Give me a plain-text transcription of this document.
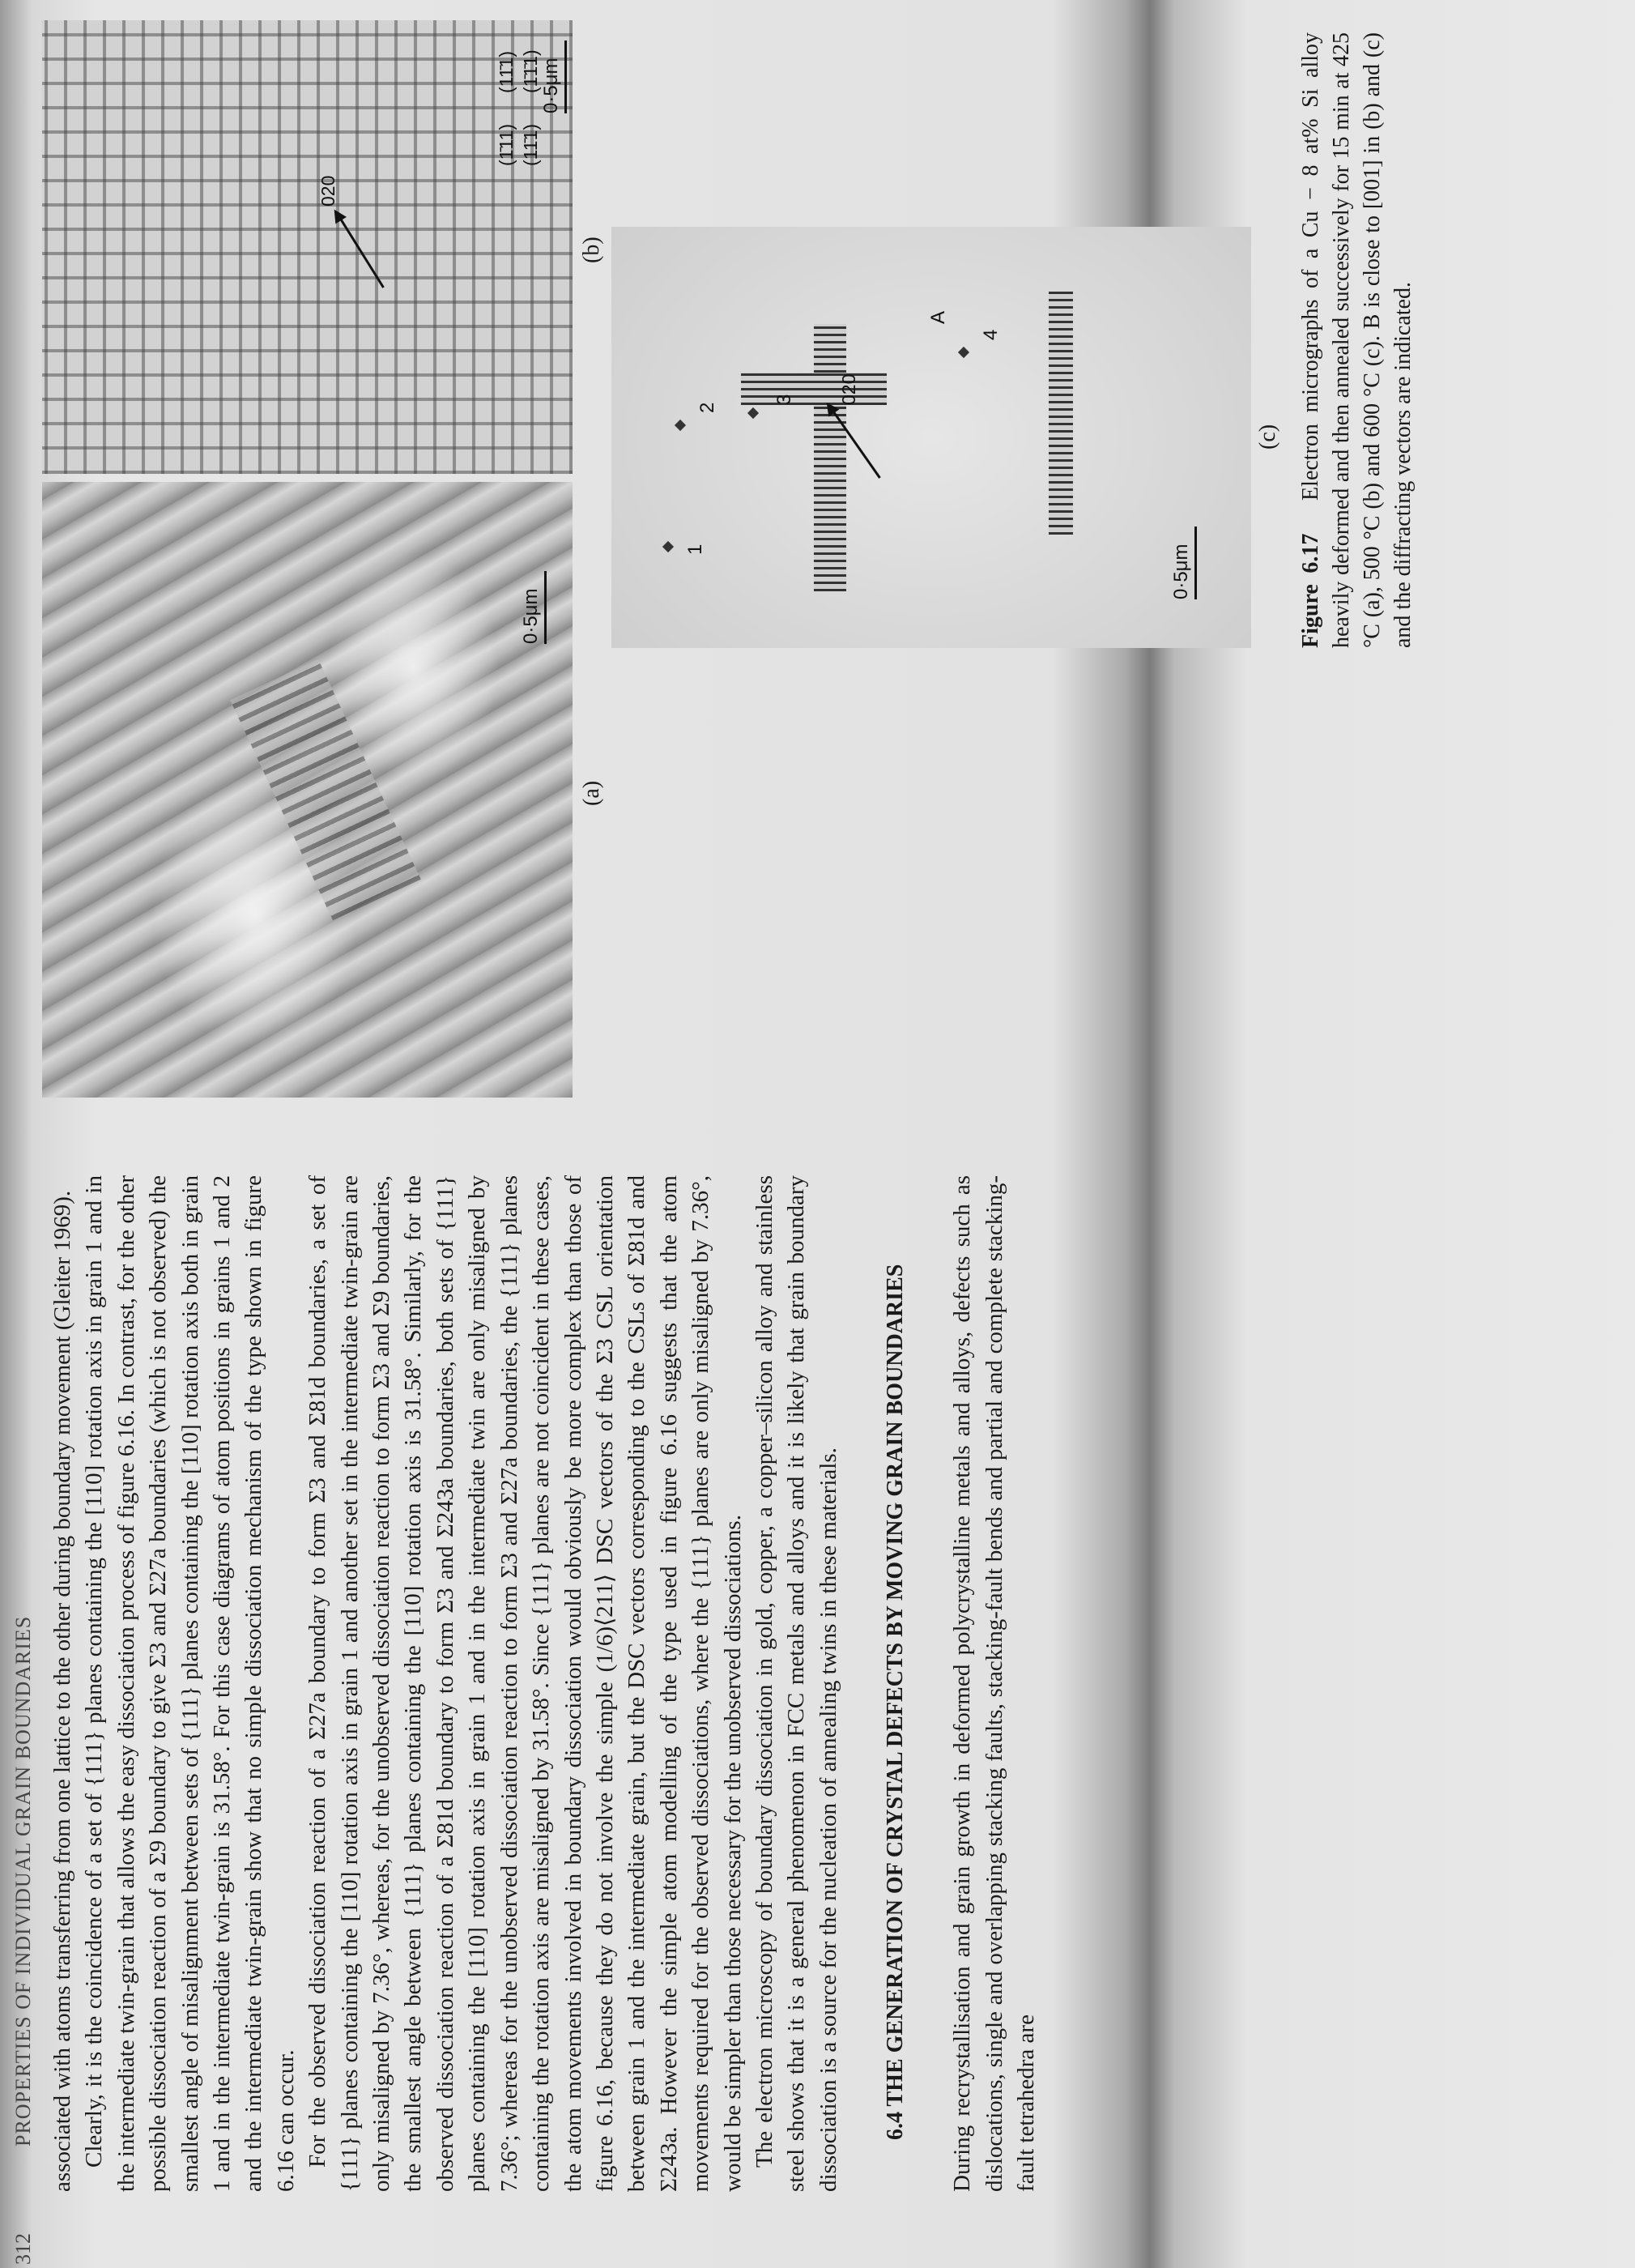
312
PROPERTIES OF INDIVIDUAL GRAIN BOUNDARIES associated with atoms transferring from one lattice to the other during boundary movement (Gleiter 1969). Clearly, it is the coincidence of a set of {111} planes containing the [110] rotation axis in grain 1 and in the intermediate twin-grain that allows the easy dissociation process of figure 6.16. In contrast, for the other possible dissociation reaction of a Σ9 boundary to give Σ3 and Σ27a boundaries (which is not observed) the smallest angle of misalignment between sets of {111} planes containing the [110] rotation axis both in grain 1 and in the intermediate twin-grain is 31.58°. For this case diagrams of atom positions in grains 1 and 2 and the intermediate twin-grain show that no simple dissociation mechanism of the type shown in figure 6.16 can occur. For the observed dissociation reaction of a Σ27a boundary to form Σ3 and Σ81d boundaries, a set of {111} planes containing the [110] rotation axis in grain 1 and another set in the intermediate twin-grain are only misaligned by 7.36°, whereas, for the unobserved dissociation reaction to form Σ3 and Σ9 boundaries, the smallest angle between {111} planes containing the [110] rotation axis is 31.58°. Similarly, for the observed dissociation reaction of a Σ81d boundary to form Σ3 and Σ243a boundaries, both sets of {111} planes containing the [110] rotation axis in grain 1 and in the intermediate twin are only misaligned by 7.36°; whereas for the unobserved dissociation reaction to form Σ3 and Σ27a boundaries, the {111} planes containing the rotation axis are misaligned by 31.58°. Since {111} planes are not coincident in these cases, the atom movements involved in boundary dissociation would obviously be more complex than those of figure 6.16, because they do not involve the simple (1/6)⟨211⟩ DSC vectors of the Σ3 CSL orientation between grain 1 and the intermediate grain, but the DSC vectors corresponding to the CSLs of Σ81d and Σ243a. However the simple atom modelling of the type used in figure 6.16 suggests that the atom movements required for the observed dissociations, where the {111} planes are only misaligned by 7.36°, would be simpler than those necessary for the unobserved dissociations. The electron microscopy of boundary dissociation in gold, copper, a copper–silicon alloy and stainless steel shows that it is a general phenomenon in FCC metals and alloys and it is likely that grain boundary dissociation is a source for the nucleation of annealing twins in these materials. 6.4 THE GENERATION OF CRYSTAL DEFECTS BY MOVING GRAIN BOUNDARIES During recrystallisation and grain growth in deformed polycrystalline metals and alloys, defects such as dislocations, single and overlapping stacking faults, stacking-fault bends and partial and complete stacking-fault tetrahedra are

0·5μm
(a)
020
(1̄11) (11̄1)
(11̄1) (1̄1̄1) 0·5μm
(b)
1
2
3
4
A
020
0·5μm
(c)
Figure 6.17   Electron micrographs of a Cu − 8 at% Si alloy heavily deformed and then annealed successively for 15 min at 425 °C (a), 500 °C (b) and 600 °C (c). B is close to [001] in (b) and (c) and the diffracting vectors are indicated.
